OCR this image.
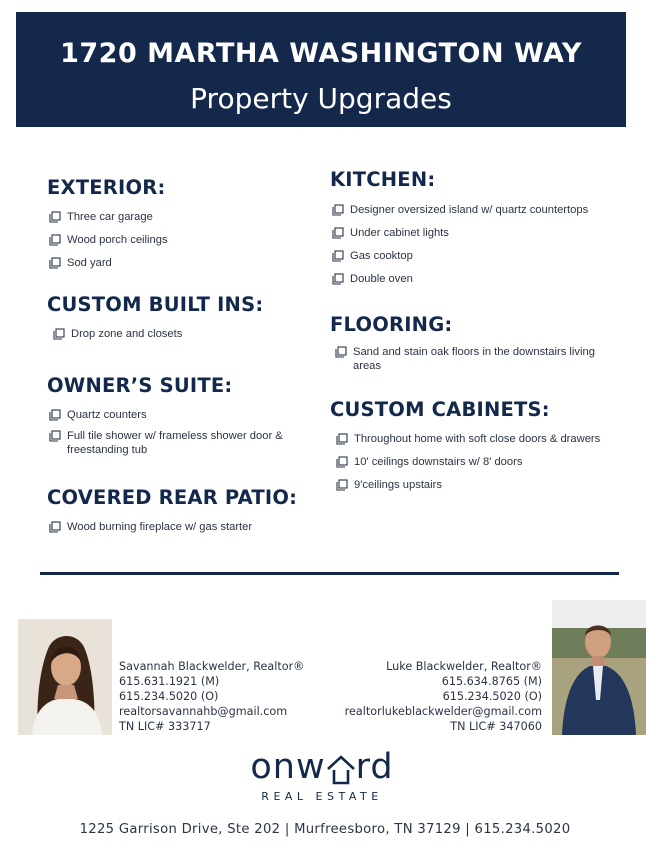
1720 MARTHA WASHINGTON WAY
Property Upgrades
EXTERIOR:
Three car garage
Wood porch ceilings
Sod yard
CUSTOM BUILT INS:
Drop zone and closets
OWNER’S SUITE:
Quartz counters
Full tile shower w/ frameless shower door & freestanding tub
COVERED REAR PATIO:
Wood burning fireplace w/ gas starter
KITCHEN:
Designer oversized island w/ quartz countertops
Under cabinet lights
Gas cooktop
Double oven
FLOORING:
Sand and stain oak floors in the downstairs living areas
CUSTOM CABINETS:
Throughout home with soft close doors & drawers
10' ceilings downstairs w/ 8' doors
9'ceilings upstairs
Savannah Blackwelder, Realtor®
615.631.1921 (M)
615.234.5020 (O)
realtorsavannahb@gmail.com
TN LIC# 333717
Luke Blackwelder, Realtor®
615.634.8765 (M)
615.234.5020 (O)
realtorlukeblackwelder@gmail.com
TN LIC# 347060
onw rd
REAL ESTATE
1225 Garrison Drive, Ste 202 | Murfreesboro, TN 37129 | 615.234.5020
